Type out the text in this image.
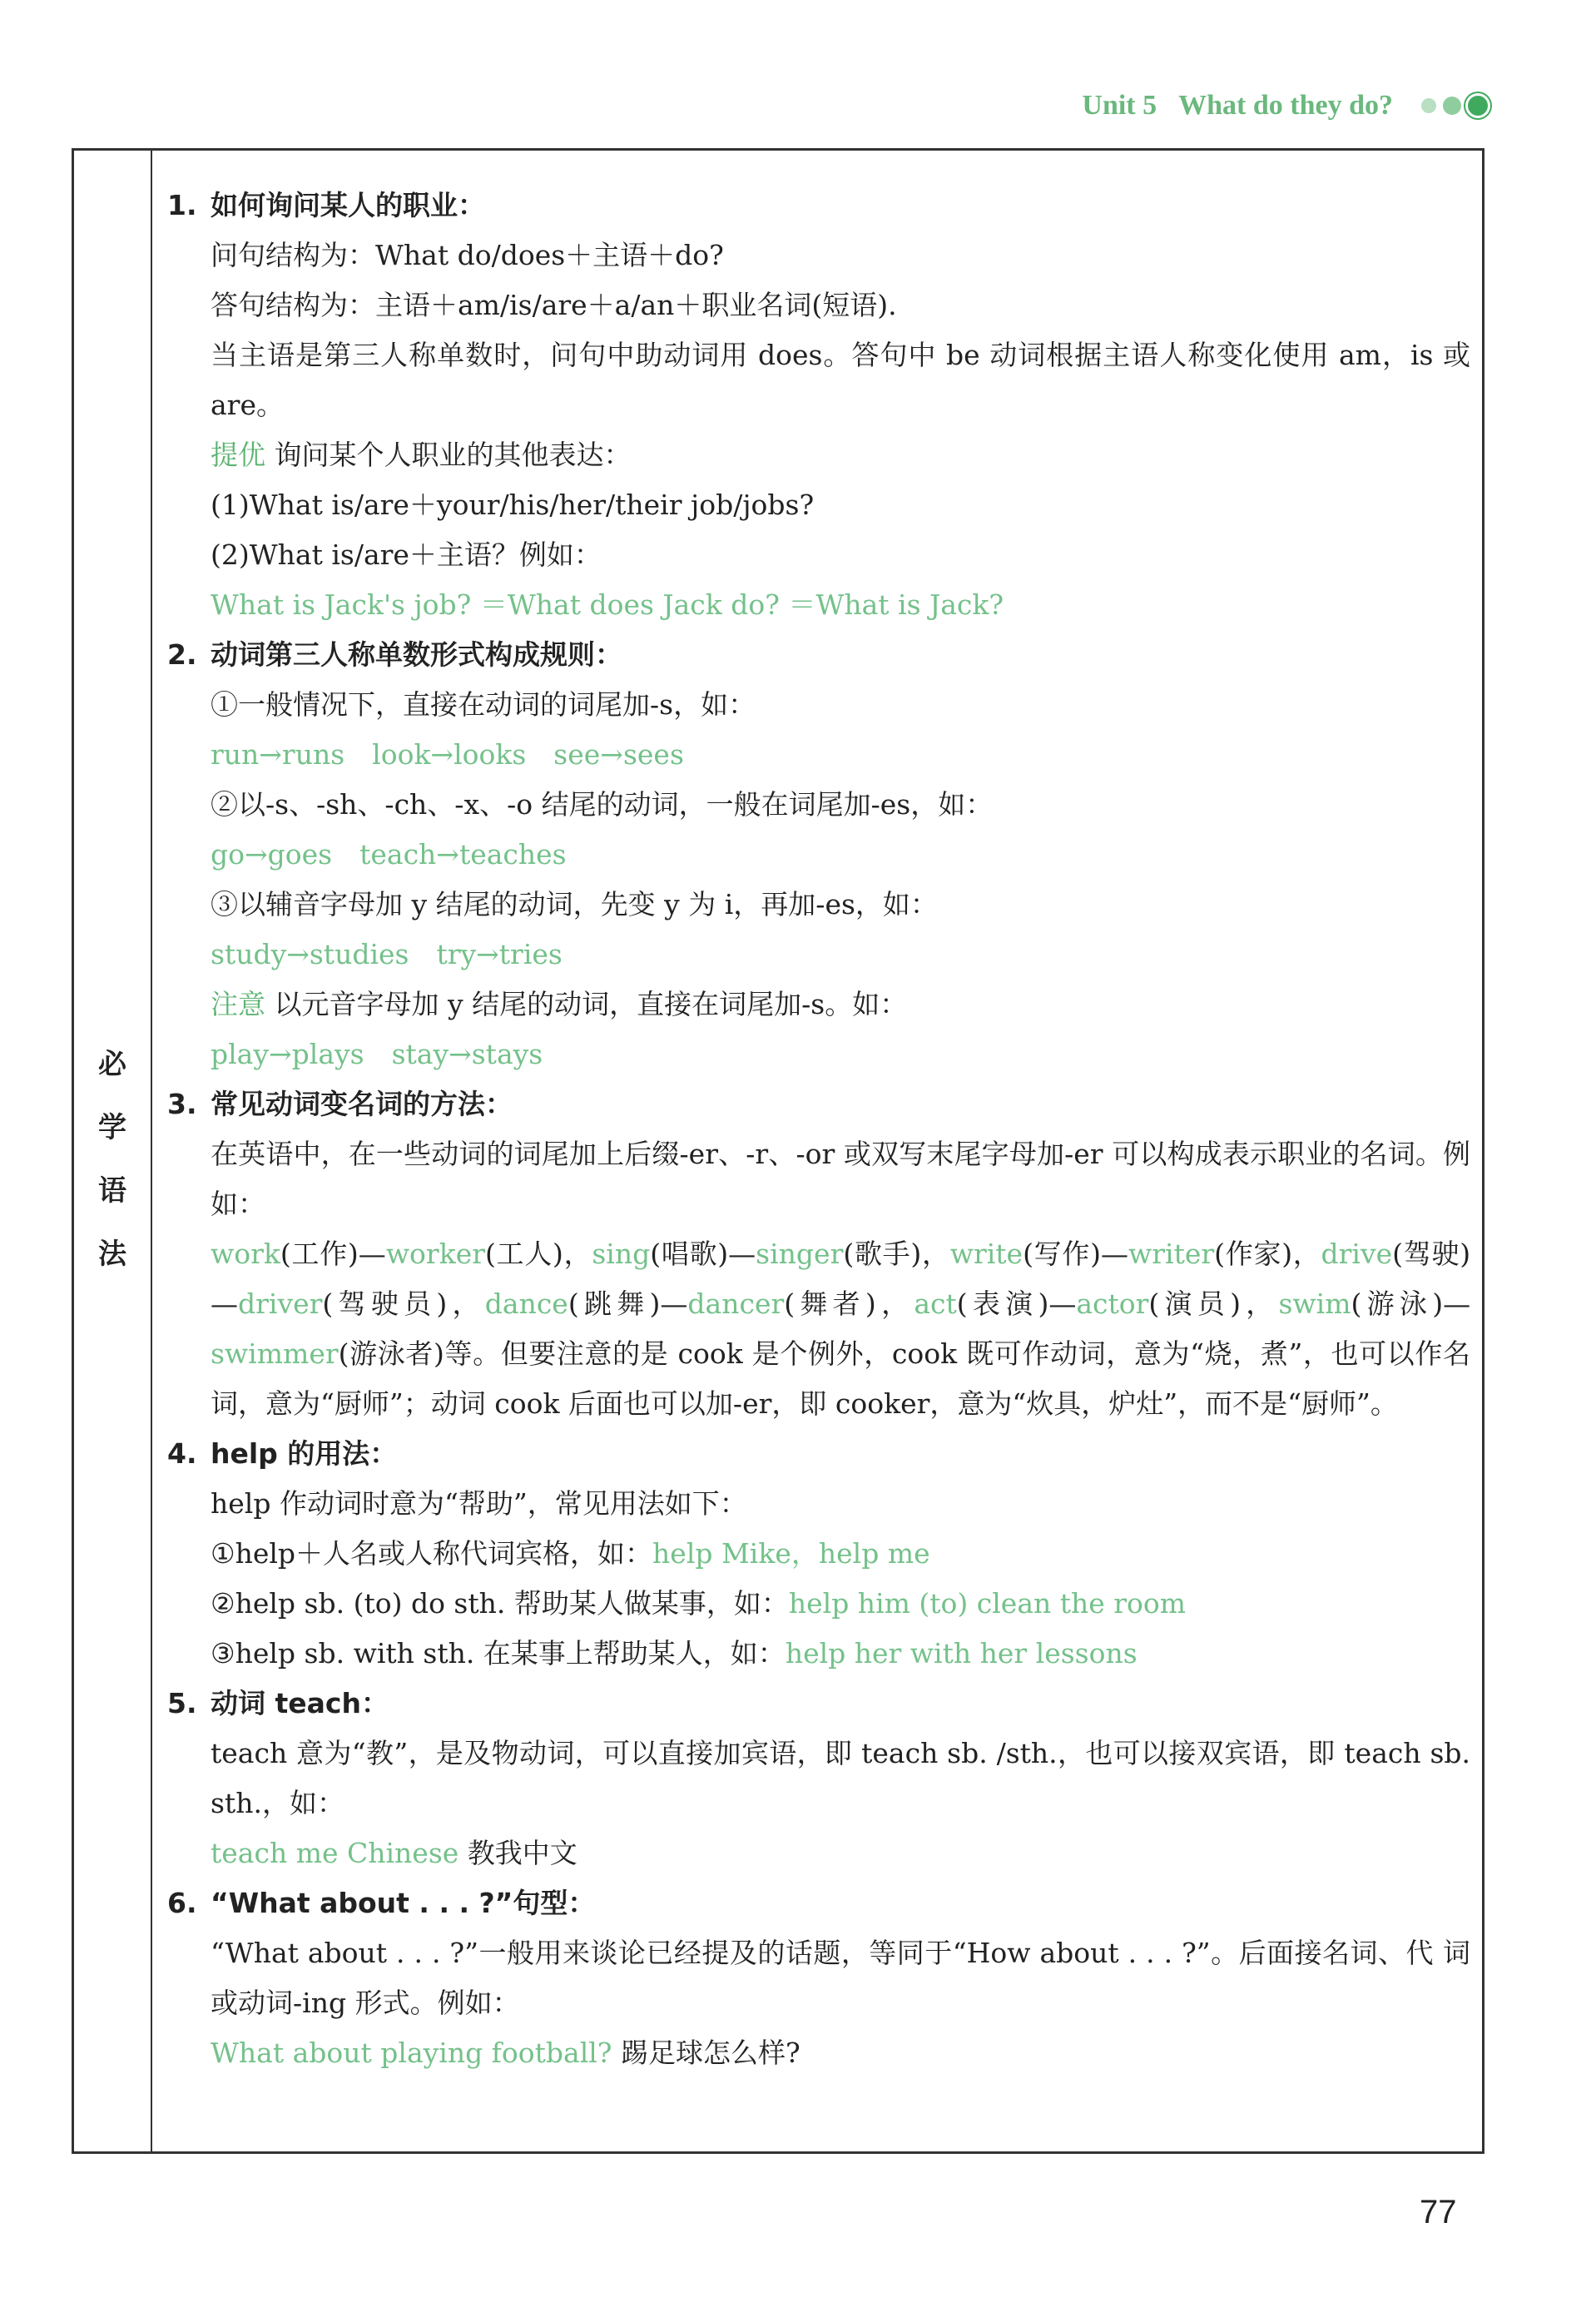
Unit 5 What do they do?
必
学
语
法
1. 如何询问某人的职业：
问句结构为：What do/does＋主语＋do?
答句结构为：主语＋am/is/are＋a/an＋职业名词(短语).
当主语是第三人称单数时，问句中助动词用 does。答句中 be 动词根据主语人称变化使用 am，is 或 are。
提优 询问某个人职业的其他表达：
(1)What is/are＋your/his/her/their job/jobs?
(2)What is/are＋主语？例如：
What is Jack's job? ＝What does Jack do? ＝What is Jack?
2. 动词第三人称单数形式构成规则：
①一般情况下，直接在动词的词尾加-s，如：
run→runs　look→looks　see→sees
②以-s、-sh、-ch、-x、-o 结尾的动词，一般在词尾加-es，如：
go→goes　teach→teaches
③以辅音字母加 y 结尾的动词，先变 y 为 i，再加-es，如：
study→studies　try→tries
注意 以元音字母加 y 结尾的动词，直接在词尾加-s。如：
play→plays　stay→stays
3. 常见动词变名词的方法：
在英语中，在一些动词的词尾加上后缀-er、-r、-or 或双写末尾字母加-er 可以构成表示职业的名词。例如：
work(工作)—worker(工人)，sing(唱歌)—singer(歌手)，write(写作)—writer(作家)，drive(驾驶)—driver(驾驶员)，dance(跳舞)—dancer(舞者)，act(表演)—actor(演员)，swim(游泳)—swimmer(游泳者)等。但要注意的是 cook 是个例外，cook 既可作动词，意为“烧，煮”，也可以作名词，意为“厨师”；动词 cook 后面也可以加-er，即 cooker，意为“炊具，炉灶”，而不是“厨师”。
4. help 的用法：
help 作动词时意为“帮助”，常见用法如下：
①help＋人名或人称代词宾格，如：help Mike，help me
②help sb. (to) do sth. 帮助某人做某事，如：help him (to) clean the room
③help sb. with sth. 在某事上帮助某人，如：help her with her lessons
5. 动词 teach：
teach 意为“教”，是及物动词，可以直接加宾语，即 teach sb. /sth.，也可以接双宾语，即 teach sb. sth.，如：
teach me Chinese 教我中文
6. “What about . . . ?”句型：
“What about . . . ?”一般用来谈论已经提及的话题，等同于“How about . . . ?”。后面接名词、代 词或动词-ing 形式。例如：
What about playing football? 踢足球怎么样?
77
